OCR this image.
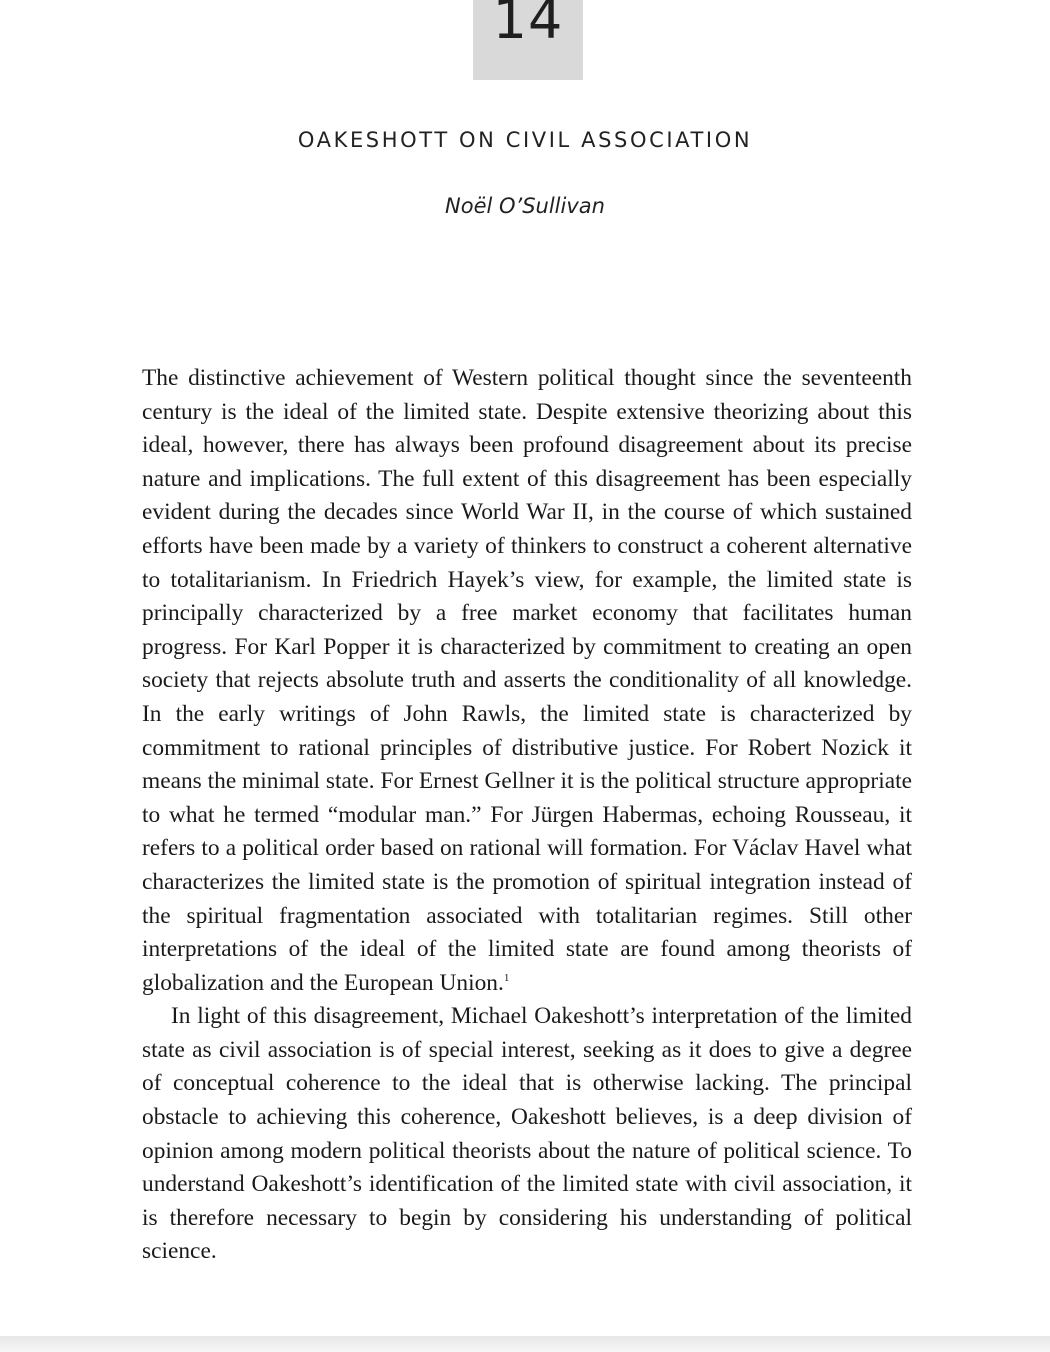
14
OAKESHOTT ON CIVIL ASSOCIATION
Noël O’Sullivan

The distinctive achievement of Western political thought since the seventeenth century is the ideal of the limited state. Despite extensive theorizing about this ideal, however, there has always been profound disagreement about its precise nature and implications. The full extent of this disagreement has been especially evident during the decades since World War II, in the course of which sustained efforts have been made by a variety of thinkers to construct a coherent alternative to totalitarianism. In Friedrich Hayek’s view, for example, the limited state is principally characterized by a free market economy that facilitates human progress. For Karl Popper it is characterized by commitment to creating an open society that rejects absolute truth and asserts the conditionality of all knowledge. In the early writings of John Rawls, the limited state is characterized by commitment to rational principles of distributive justice. For Robert Nozick it means the minimal state. For Ernest Gellner it is the political structure appropriate to what he termed “modular man.” For Jürgen Habermas, echoing Rousseau, it refers to a political order based on rational will formation. For Václav Havel what characterizes the limited state is the promotion of spiritual integration instead of the spiritual fragmentation associated with totalitarian regimes. Still other interpretations of the ideal of the limited state are found among theorists of globalization and the European Union.$^1$

In light of this disagreement, Michael Oakeshott’s interpretation of the limited state as civil association is of special interest, seeking as it does to give a degree of conceptual coherence to the ideal that is otherwise lacking. The principal obstacle to achieving this coherence, Oakeshott believes, is a deep division of opinion among modern political theorists about the nature of political science. To understand Oakeshott’s identification of the limited state with civil association, it is therefore necessary to begin by considering his understanding of political science.
